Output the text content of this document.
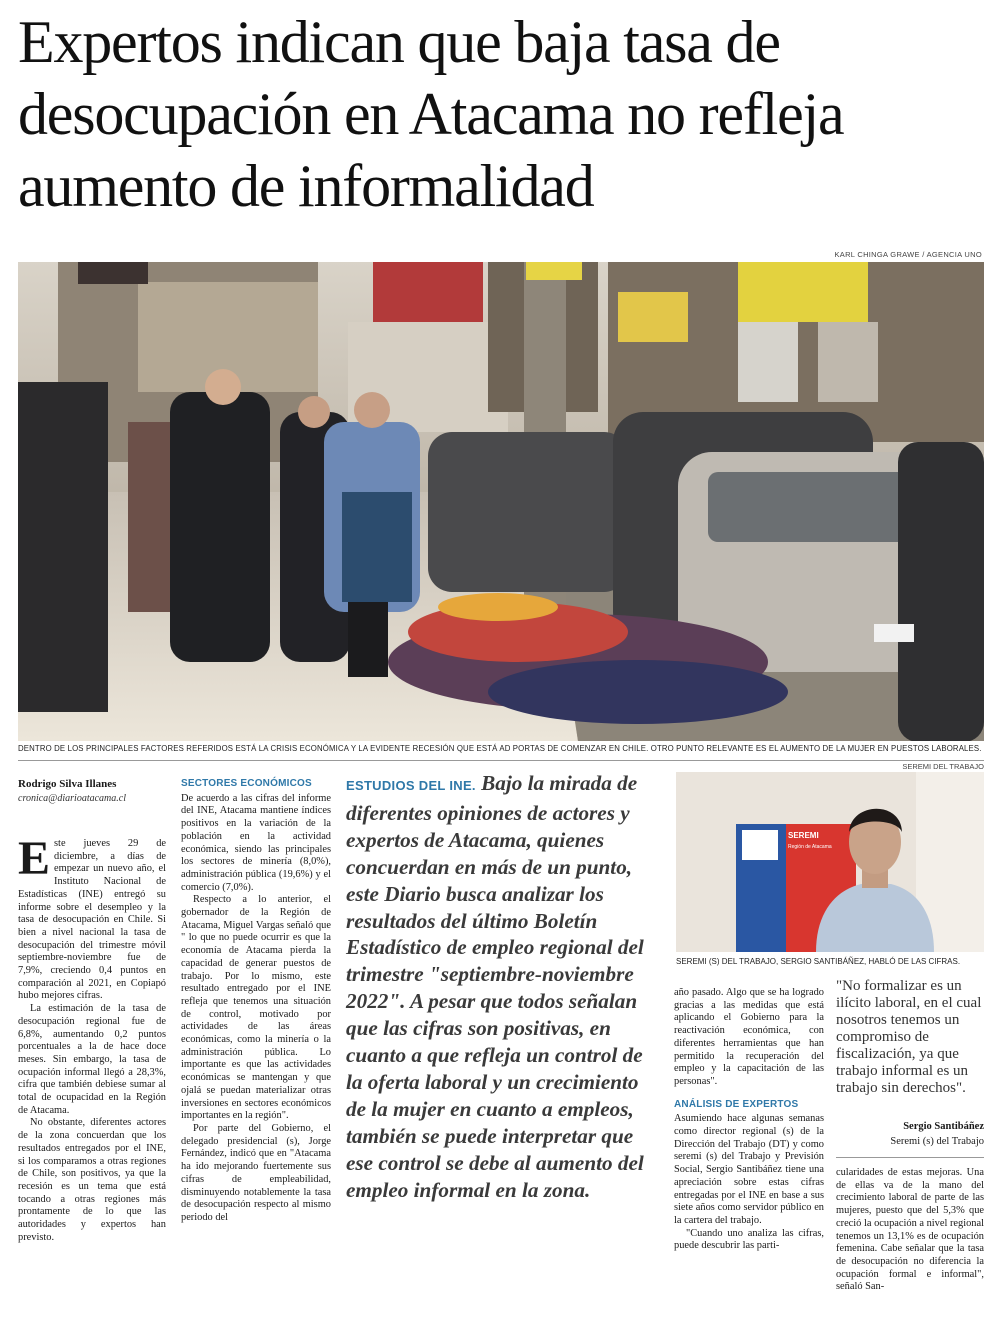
Expertos indican que baja tasa de desocupación en Atacama no refleja aumento de informalidad
KARL CHINGA GRAWE / AGENCIA UNO
DENTRO DE LOS PRINCIPALES FACTORES REFERIDOS ESTÁ LA CRISIS ECONÓMICA Y LA EVIDENTE RECESIÓN QUE ESTÁ AD PORTAS DE COMENZAR EN CHILE. OTRO PUNTO RELEVANTE ES EL AUMENTO DE LA MUJER EN PUESTOS LABORALES.
Rodrigo Silva Illanes
cronica@diarioatacama.cl

Este jueves 29 de diciembre, a días de empezar un nuevo año, el Instituto Nacional de Estadísticas (INE) entregó su informe sobre el desempleo y la tasa de desocupación en Chile. Si bien a nivel nacional la tasa de desocupación del trimestre móvil septiembre-noviembre fue de 7,9%, creciendo 0,4 puntos en comparación al 2021, en Copiapó hubo mejores cifras.

La estimación de la tasa de desocupación regional fue de 6,8%, aumentando 0,2 puntos porcentuales a la de hace doce meses. Sin embargo, la tasa de ocupación informal llegó a 28,3%, cifra que también debiese sumar al total de ocupacidad en la Región de Atacama.

No obstante, diferentes actores de la zona concuerdan que los resultados entregados por el INE, si los comparamos a otras regiones de Chile, son positivos, ya que la recesión es un tema que está tocando a otras regiones más prontamente de lo que las autoridades y expertos han previsto.

SECTORES ECONÓMICOS

De acuerdo a las cifras del informe del INE, Atacama mantiene índices positivos en la variación de la población en la actividad económica, siendo las principales los sectores de minería (8,0%), administración pública (19,6%) y el comercio (7,0%).

Respecto a lo anterior, el gobernador de la Región de Atacama, Miguel Vargas señaló que " lo que no puede ocurrir es que la economía de Atacama pierda la capacidad de generar puestos de trabajo. Por lo mismo, este resultado entregado por el INE refleja que tenemos una situación de control, motivado por actividades de las áreas económicas, como la minería o la administración pública. Lo importante es que las actividades económicas se mantengan y que ojalá se puedan materializar otras inversiones en sectores económicos importantes en la región".

Por parte del Gobierno, el delegado presidencial (s), Jorge Fernández, indicó que en "Atacama ha ido mejorando fuertemente sus cifras de empleabilidad, disminuyendo notablemente la tasa de desocupación respecto al mismo periodo del

ESTUDIOS DEL INE. Bajo la mirada de diferentes opiniones de actores y expertos de Atacama, quienes concuerdan en más de un punto, este Diario busca analizar los resultados del último Boletín Estadístico de empleo regional del trimestre "septiembre-noviembre 2022". A pesar que todos señalan que las cifras son positivas, en cuanto a que refleja un control de la oferta laboral y un crecimiento de la mujer en cuanto a empleos, también se puede interpretar que ese control se debe al aumento del empleo informal en la zona.

SEREMI DEL TRABAJO
SEREMI
Región de Atacama
SEREMI (S) DEL TRABAJO, SERGIO SANTIBÁÑEZ, HABLÓ DE LAS CIFRAS.

año pasado. Algo que se ha logrado gracias a las medidas que está aplicando el Gobierno para la reactivación económica, con diferentes herramientas que han permitido la recuperación del empleo y la capacitación de las personas".

ANÁLISIS DE EXPERTOS

Asumiendo hace algunas semanas como director regional (s) de la Dirección del Trabajo (DT) y como seremi (s) del Trabajo y Previsión Social, Sergio Santibáñez tiene una apreciación sobre estas cifras entregadas por el INE en base a sus siete años como servidor público en la cartera del trabajo.

"Cuando uno analiza las cifras, puede descubrir las parti-

"No formalizar es un ilícito laboral, en el cual nosotros tenemos un compromiso de fiscalización, ya que trabajo informal es un trabajo sin derechos".

Sergio Santibáñez
Seremi (s) del Trabajo

cularidades de estas mejoras. Una de ellas va de la mano del crecimiento laboral de parte de las mujeres, puesto que del 5,3% que creció la ocupación a nivel regional tenemos un 13,1% es de ocupación femenina. Cabe señalar que la tasa de desocupación no diferencia la ocupación formal e informal", señaló San-
